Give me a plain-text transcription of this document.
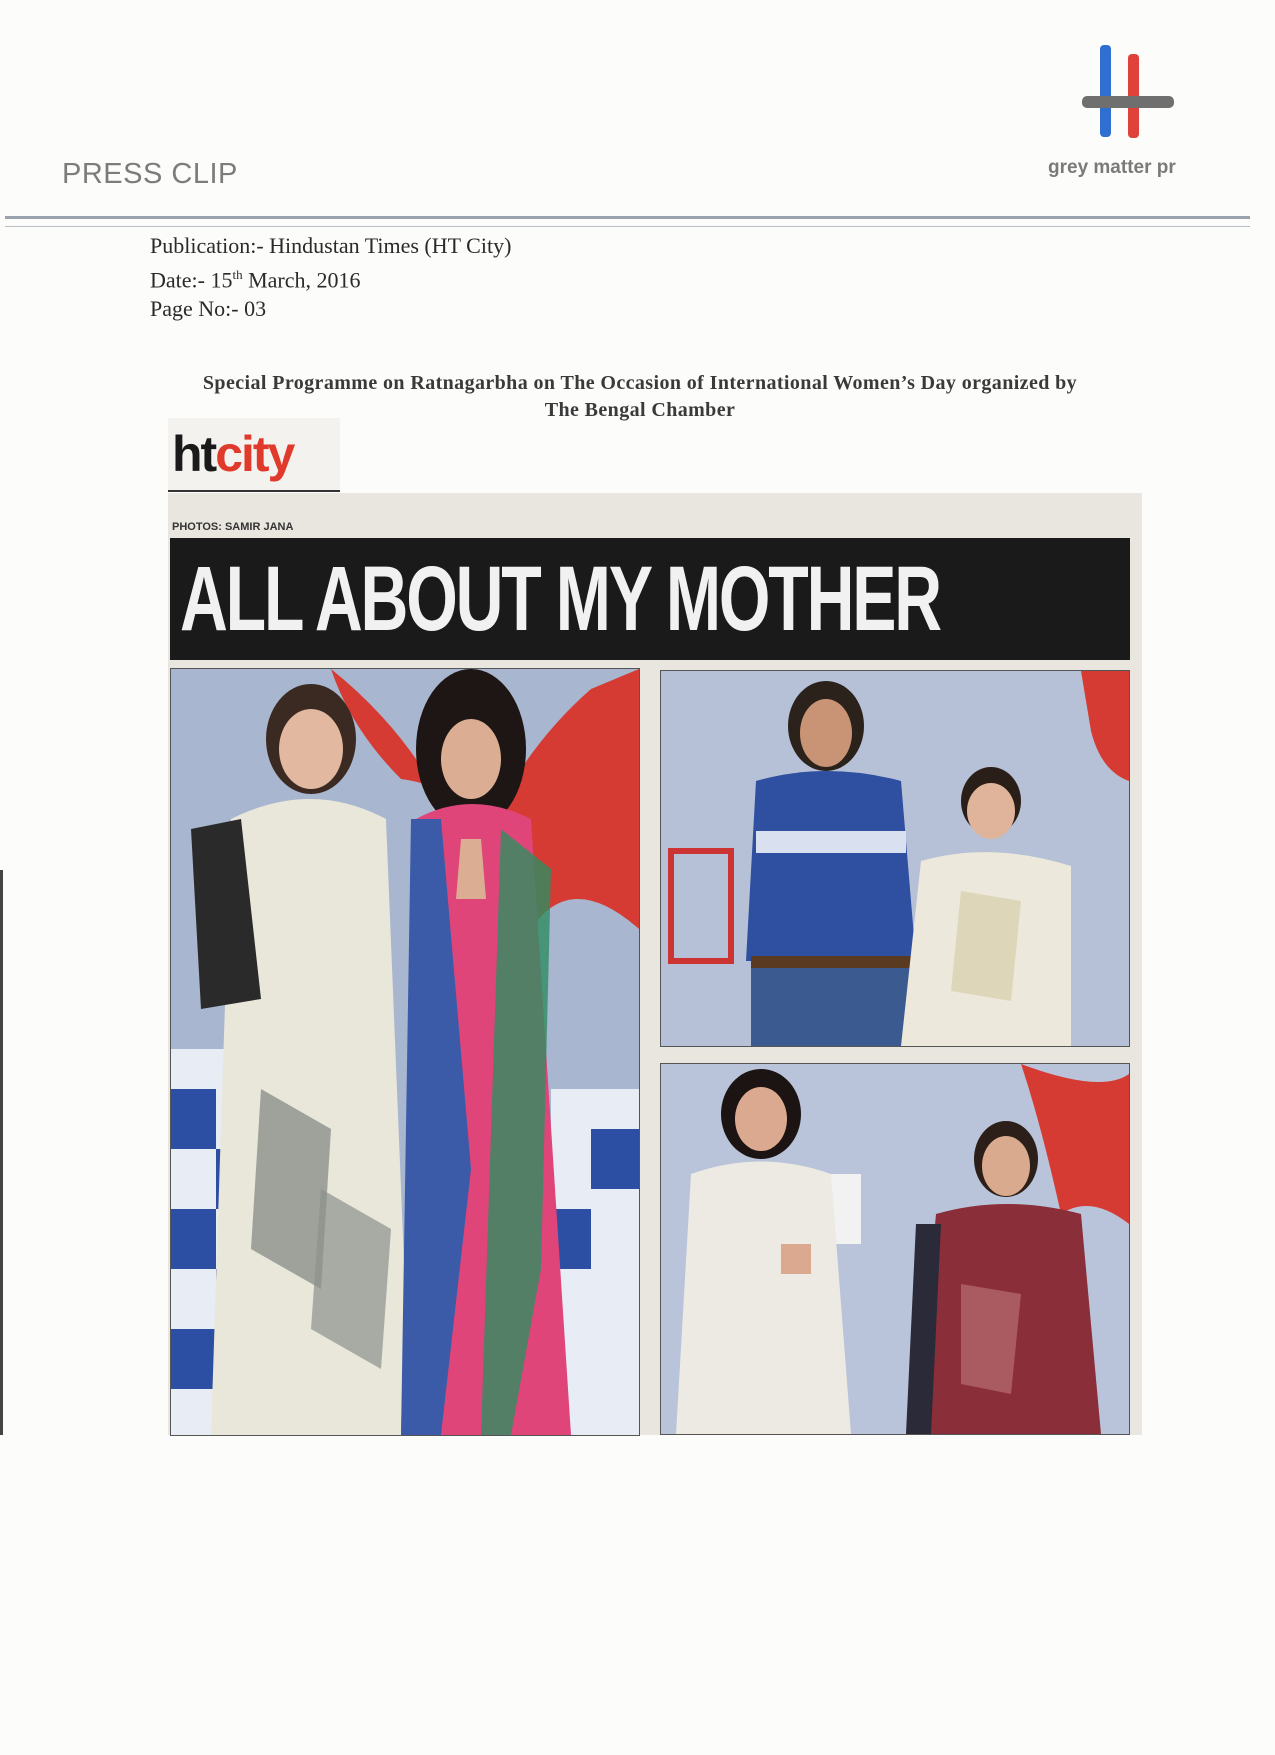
PRESS CLIP	grey matter pr
Publication:- Hindustan Times (HT City)
Date:- 15th March, 2016
Page No:- 03
Special Programme on Ratnagarbha on The Occasion of International Women’s Day organized by
The Bengal Chamber
htcity
PHOTOS: SAMIR JANA
ALL ABOUT MY MOTHER
